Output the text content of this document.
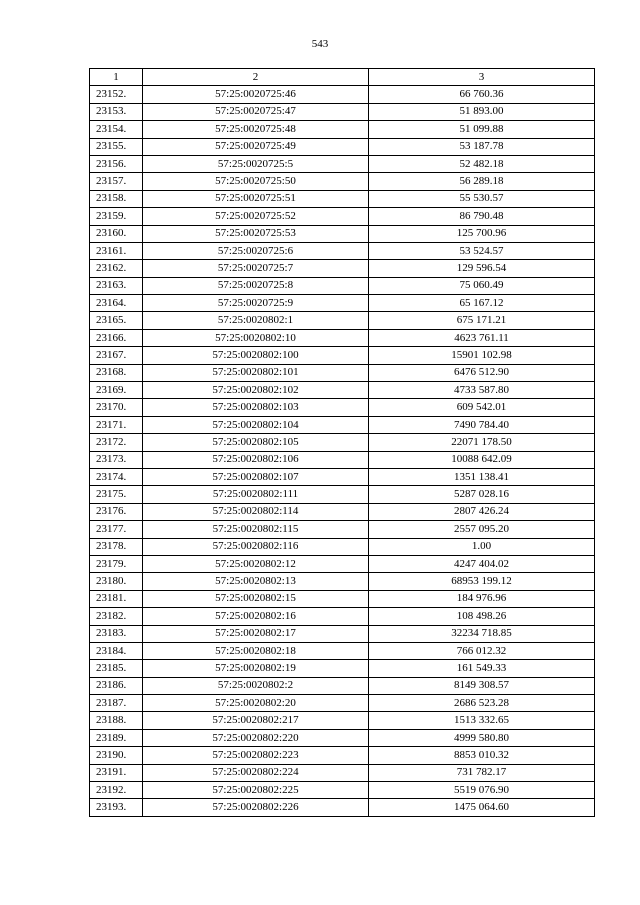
543
1	2	3
23152.	57:25:0020725:46	66 760.36
23153.	57:25:0020725:47	51 893.00
23154.	57:25:0020725:48	51 099.88
23155.	57:25:0020725:49	53 187.78
23156.	57:25:0020725:5	52 482.18
23157.	57:25:0020725:50	56 289.18
23158.	57:25:0020725:51	55 530.57
23159.	57:25:0020725:52	86 790.48
23160.	57:25:0020725:53	125 700.96
23161.	57:25:0020725:6	53 524.57
23162.	57:25:0020725:7	129 596.54
23163.	57:25:0020725:8	75 060.49
23164.	57:25:0020725:9	65 167.12
23165.	57:25:0020802:1	675 171.21
23166.	57:25:0020802:10	4623 761.11
23167.	57:25:0020802:100	15901 102.98
23168.	57:25:0020802:101	6476 512.90
23169.	57:25:0020802:102	4733 587.80
23170.	57:25:0020802:103	609 542.01
23171.	57:25:0020802:104	7490 784.40
23172.	57:25:0020802:105	22071 178.50
23173.	57:25:0020802:106	10088 642.09
23174.	57:25:0020802:107	1351 138.41
23175.	57:25:0020802:111	5287 028.16
23176.	57:25:0020802:114	2807 426.24
23177.	57:25:0020802:115	2557 095.20
23178.	57:25:0020802:116	1.00
23179.	57:25:0020802:12	4247 404.02
23180.	57:25:0020802:13	68953 199.12
23181.	57:25:0020802:15	184 976.96
23182.	57:25:0020802:16	108 498.26
23183.	57:25:0020802:17	32234 718.85
23184.	57:25:0020802:18	766 012.32
23185.	57:25:0020802:19	161 549.33
23186.	57:25:0020802:2	8149 308.57
23187.	57:25:0020802:20	2686 523.28
23188.	57:25:0020802:217	1513 332.65
23189.	57:25:0020802:220	4999 580.80
23190.	57:25:0020802:223	8853 010.32
23191.	57:25:0020802:224	731 782.17
23192.	57:25:0020802:225	5519 076.90
23193.	57:25:0020802:226	1475 064.60
